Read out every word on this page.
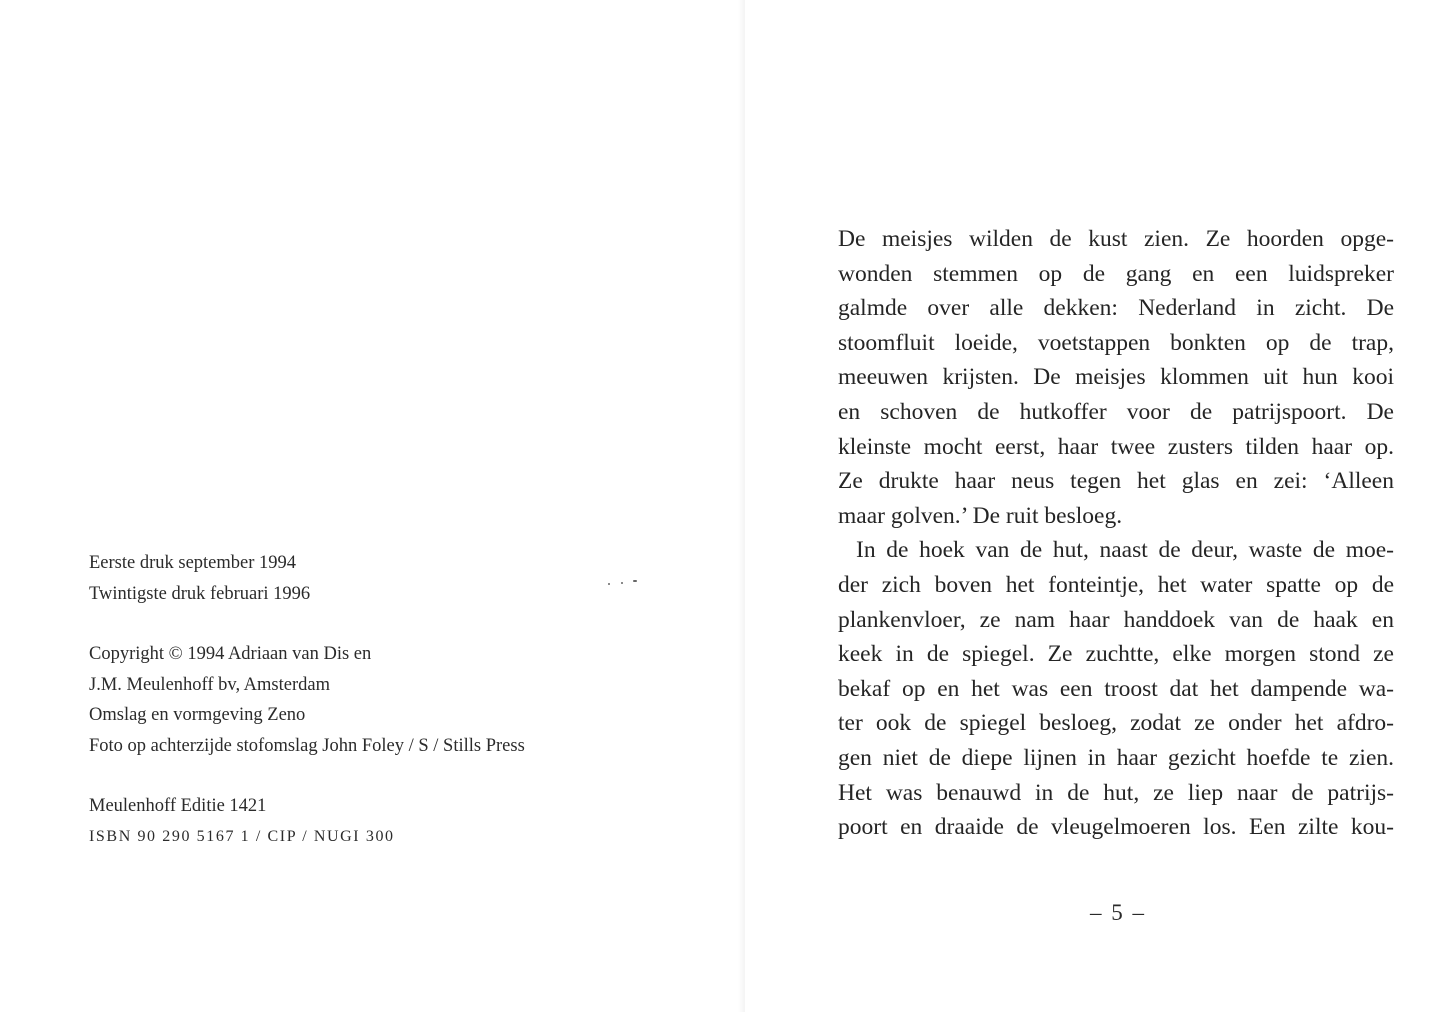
Eerste druk september 1994
Twintigste druk februari 1996
Copyright © 1994 Adriaan van Dis en
J.M. Meulenhoff bv, Amsterdam
Omslag en vormgeving Zeno
Foto op achterzijde stofomslag John Foley / S / Stills Press
Meulenhoff Editie 1421
ISBN 90 290 5167 1 / CIP / NUGI 300
De meisjes wilden de kust zien. Ze hoorden opge-
wonden stemmen op de gang en een luidspreker
galmde over alle dekken: Nederland in zicht. De
stoomfluit loeide, voetstappen bonkten op de trap,
meeuwen krijsten. De meisjes klommen uit hun kooi
en schoven de hutkoffer voor de patrijspoort. De
kleinste mocht eerst, haar twee zusters tilden haar op.
Ze drukte haar neus tegen het glas en zei: ‘Alleen
maar golven.’ De ruit besloeg.
In de hoek van de hut, naast de deur, waste de moe-
der zich boven het fonteintje, het water spatte op de
plankenvloer, ze nam haar handdoek van de haak en
keek in de spiegel. Ze zuchtte, elke morgen stond ze
bekaf op en het was een troost dat het dampende wa-
ter ook de spiegel besloeg, zodat ze onder het afdro-
gen niet de diepe lijnen in haar gezicht hoefde te zien.
Het was benauwd in de hut, ze liep naar de patrijs-
poort en draaide de vleugelmoeren los. Een zilte kou-
– 5 –
